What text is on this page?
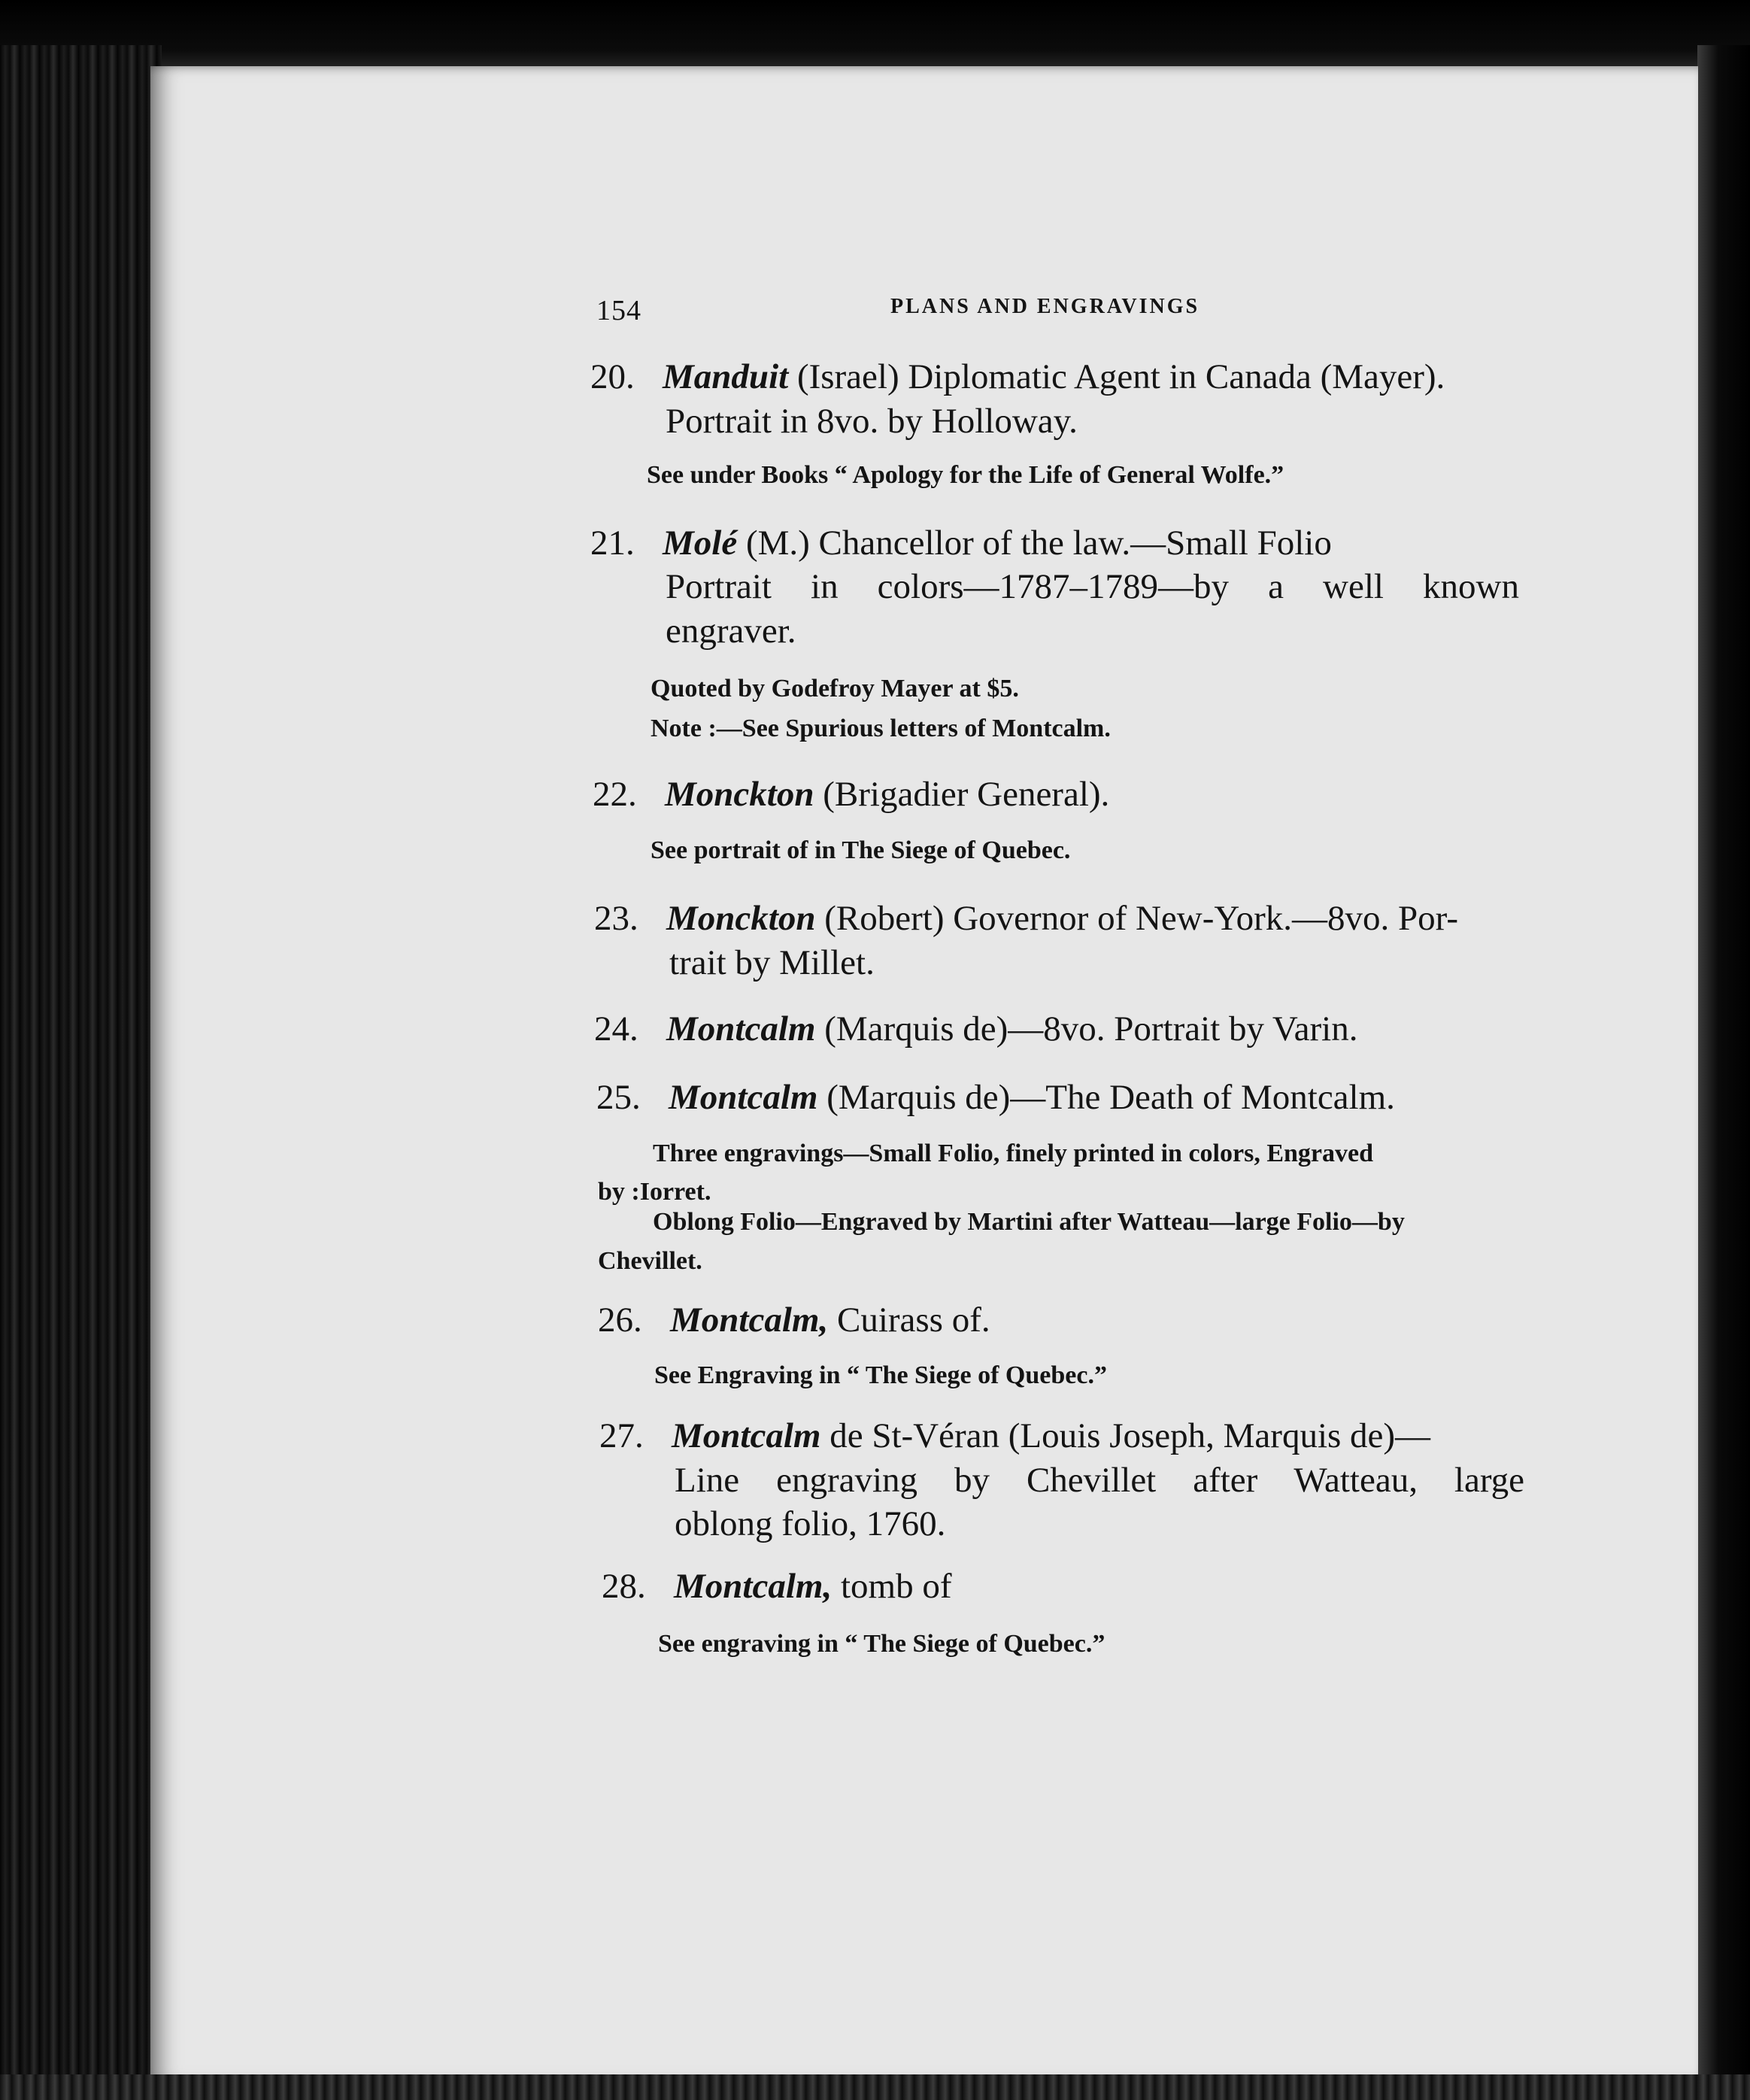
154	PLANS AND ENGRAVINGS
20. Manduit (Israel) Diplomatic Agent in Canada (Mayer).
Portrait in 8vo. by Holloway.
See under Books “ Apology for the Life of General Wolfe.”
21. Molé (M.) Chancellor of the law.—Small Folio
Portrait in colors—1787–1789—by a well known
engraver.
Quoted by Godefroy Mayer at $5.
Note :—See Spurious letters of Montcalm.
22. Monckton (Brigadier General).
See portrait of in The Siege of Quebec.
23. Monckton (Robert) Governor of New-York.—8vo. Por-
trait by Millet.
24. Montcalm (Marquis de)—8vo. Portrait by Varin.
25. Montcalm (Marquis de)—The Death of Montcalm.
Three engravings—Small Folio, finely printed in colors, Engraved
by :Iorret.
Oblong Folio—Engraved by Martini after Watteau—large Folio—by
Chevillet.
26. Montcalm, Cuirass of.
See Engraving in “ The Siege of Quebec.”
27. Montcalm de St-Véran (Louis Joseph, Marquis de)—
Line engraving by Chevillet after Watteau, large
oblong folio, 1760.
28. Montcalm, tomb of
See engraving in “ The Siege of Quebec.”
